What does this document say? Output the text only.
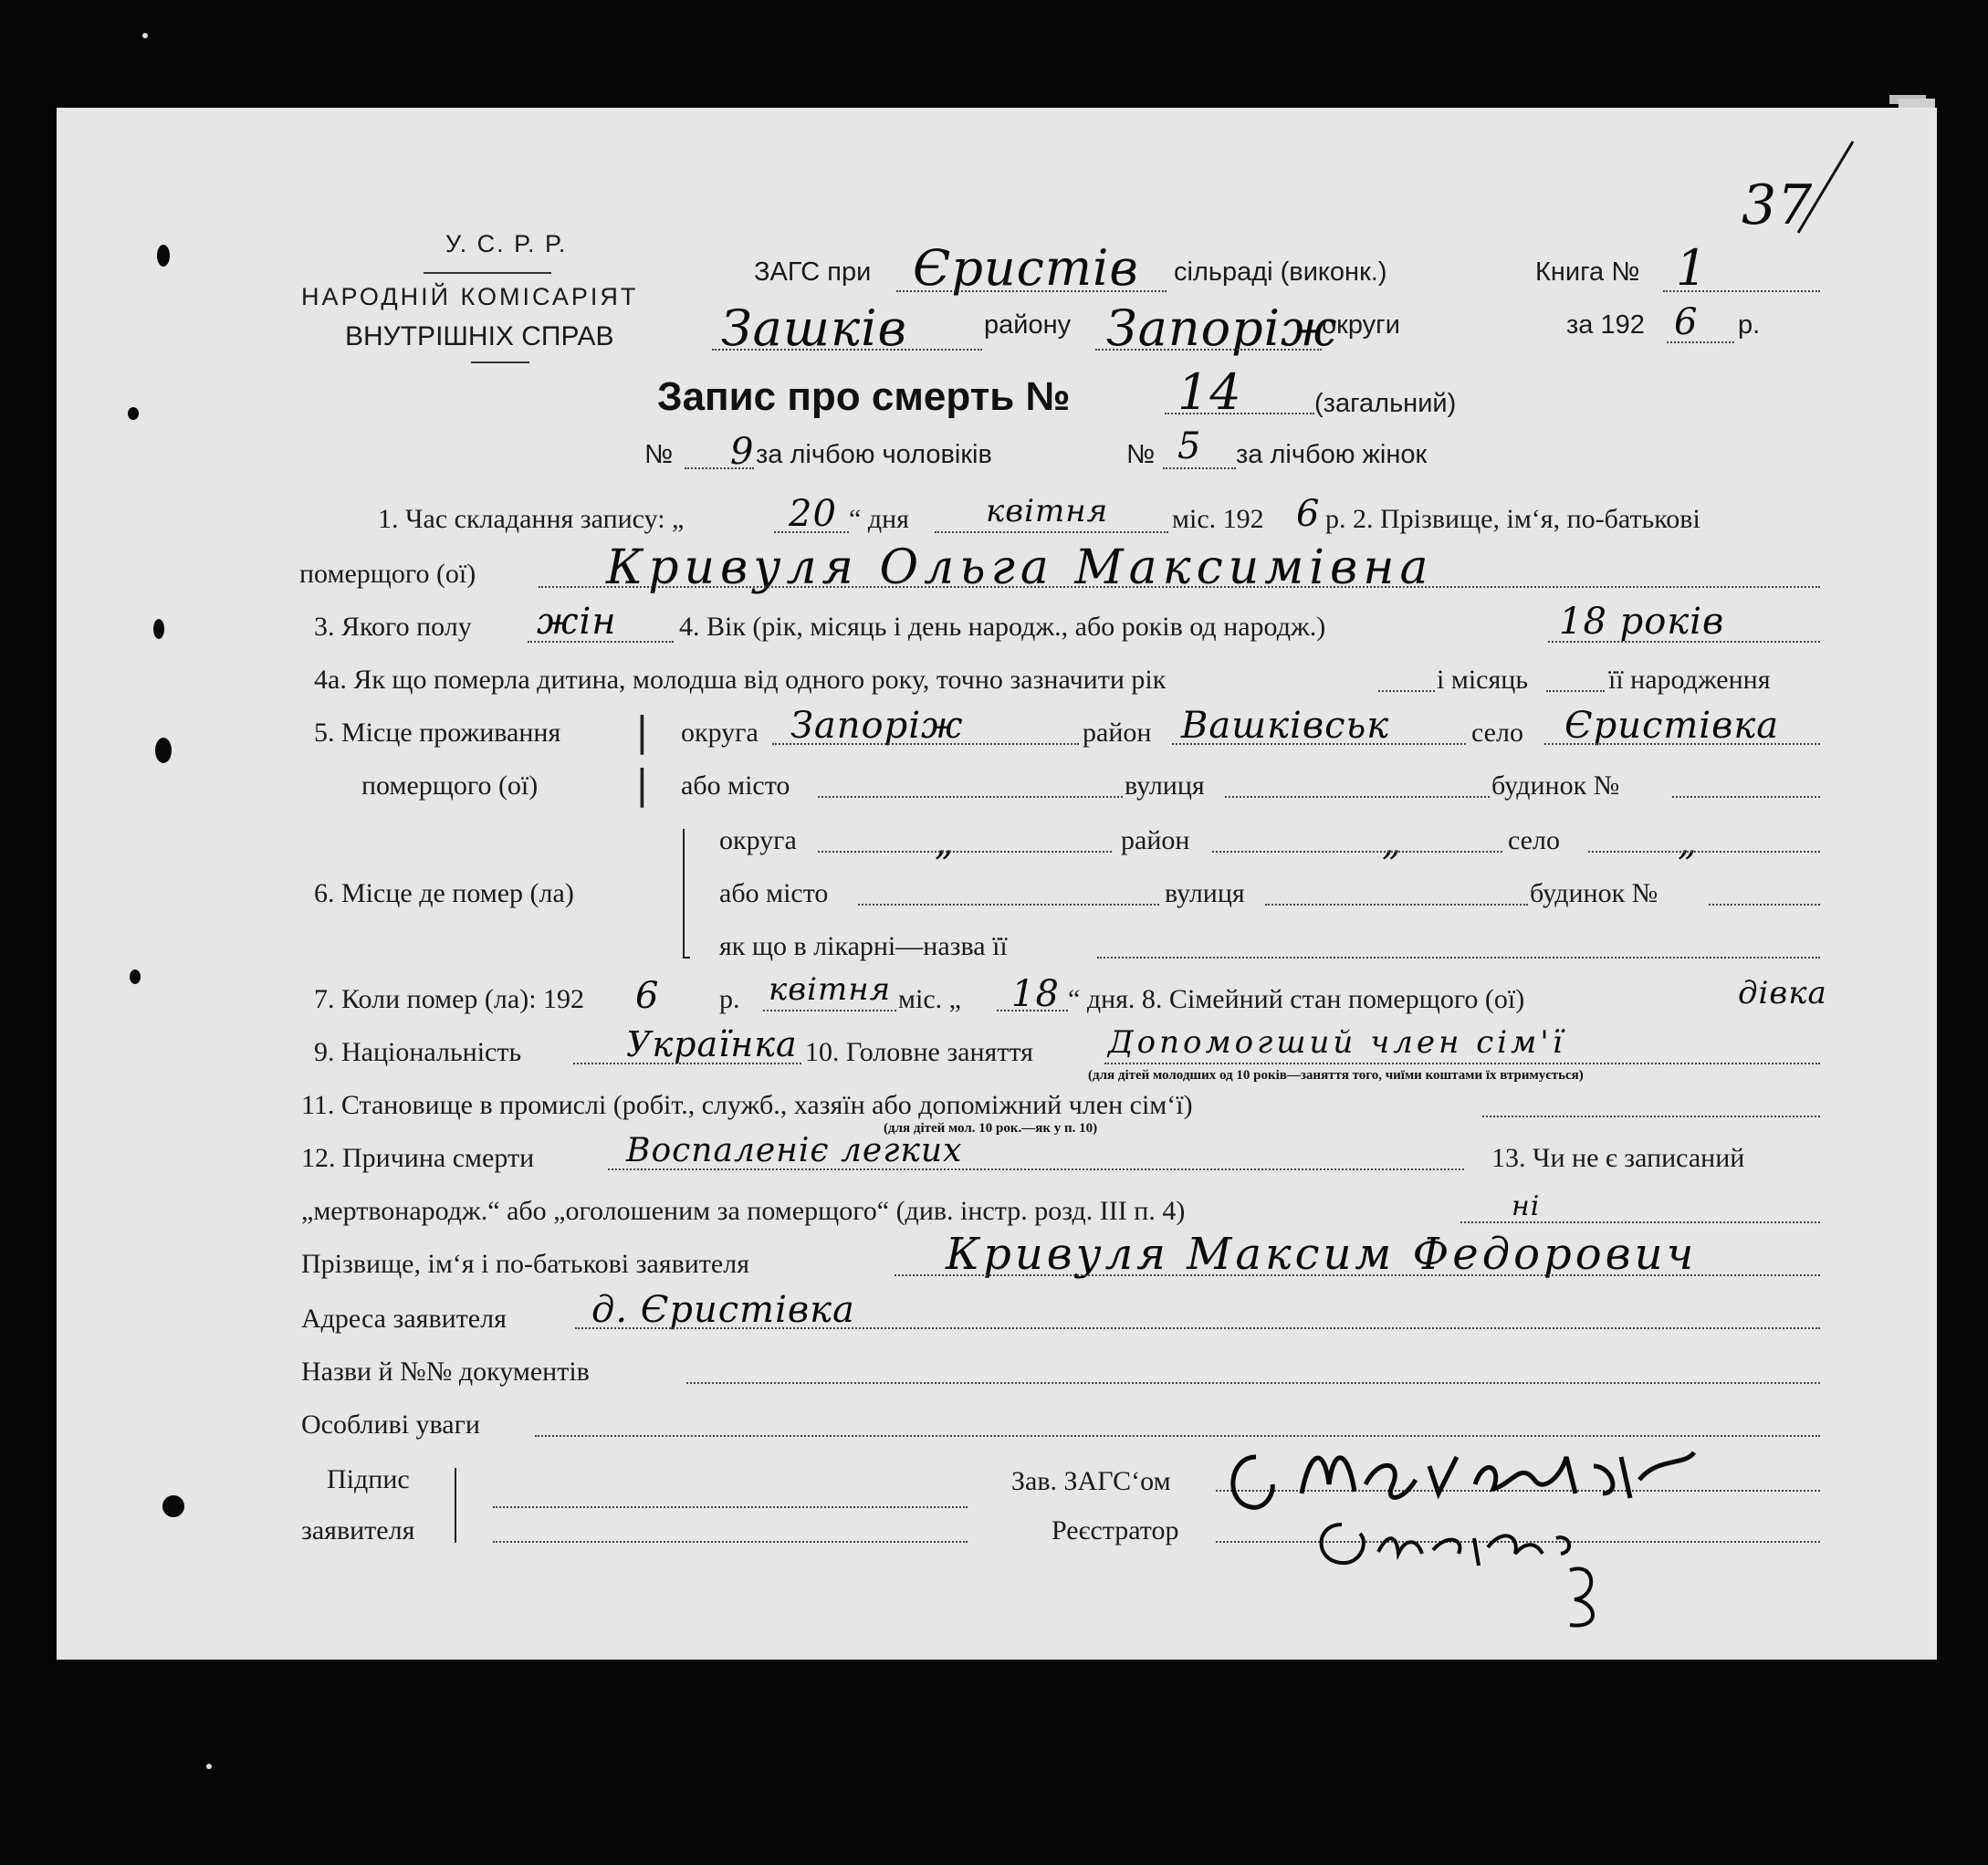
37
У. С. Р. Р.
НАРОДНІЙ КОМІСАРІЯТ
ВНУТРІШНІХ СПРАВ
ЗАГС при Єристів сільраді (виконк.)	Книга № 1
Зашків	району Запоріж
округи	за 192 6 р.
Запис про смерть № 14	(загальний)
№ 9 за лічбою чоловіків	№ 5 за лічбою жінок
1. Час складання запису: „	20 “ дня квітня міс. 192 6 р. 2. Прізвище, ім‘я, по-батькові
померщого (ої)	Кривуля Ольга Максимівна
3. Якого полу жін 4. Вік (рік, місяць і день народж., або років од народж.)	18 років
4а. Як що померла дитина, молодша від одного року, точно зазначити рік	і місяць	її народження
5. Місце проживання
померщого (ої)
|
|
округа Запоріж	район Вашківськ	село Єристівка
або місто	вулиця	будинок №
6. Місце де помер (ла)
округа	„	район	„	село	„
або місто	вулиця	будинок №
як що в лікарні—назва її
7. Коли помер (ла): 192 6 р. квітня міс. „ 18 “ дня. 8. Сімейний стан померщого (ої)	дівка
9. Національність	Українка 10. Головне заняття Допомогший член сім'ї
(для дітей молодших од 10 років—заняття того, чиїми коштами їх втримується)
11. Становище в промислі (робіт., служб., хазяїн або допоміжний член сім‘ї)
(для дітей мол. 10 рок.—як у п. 10)
12. Причина смерти	Воспаленіє легких	13. Чи не є записаний
„мертвонародж.“ або „оголошеним за померщого“ (див. інстр. розд. III п. 4)	ні
Прізвище, ім‘я і по-батькові заявителя	Кривуля Максим Федорович
Адреса заявителя д. Єристівка
Назви й №№ документів
Особливі уваги
Підпис
заявителя
Зав. ЗАГС‘ом
Реєстратор
